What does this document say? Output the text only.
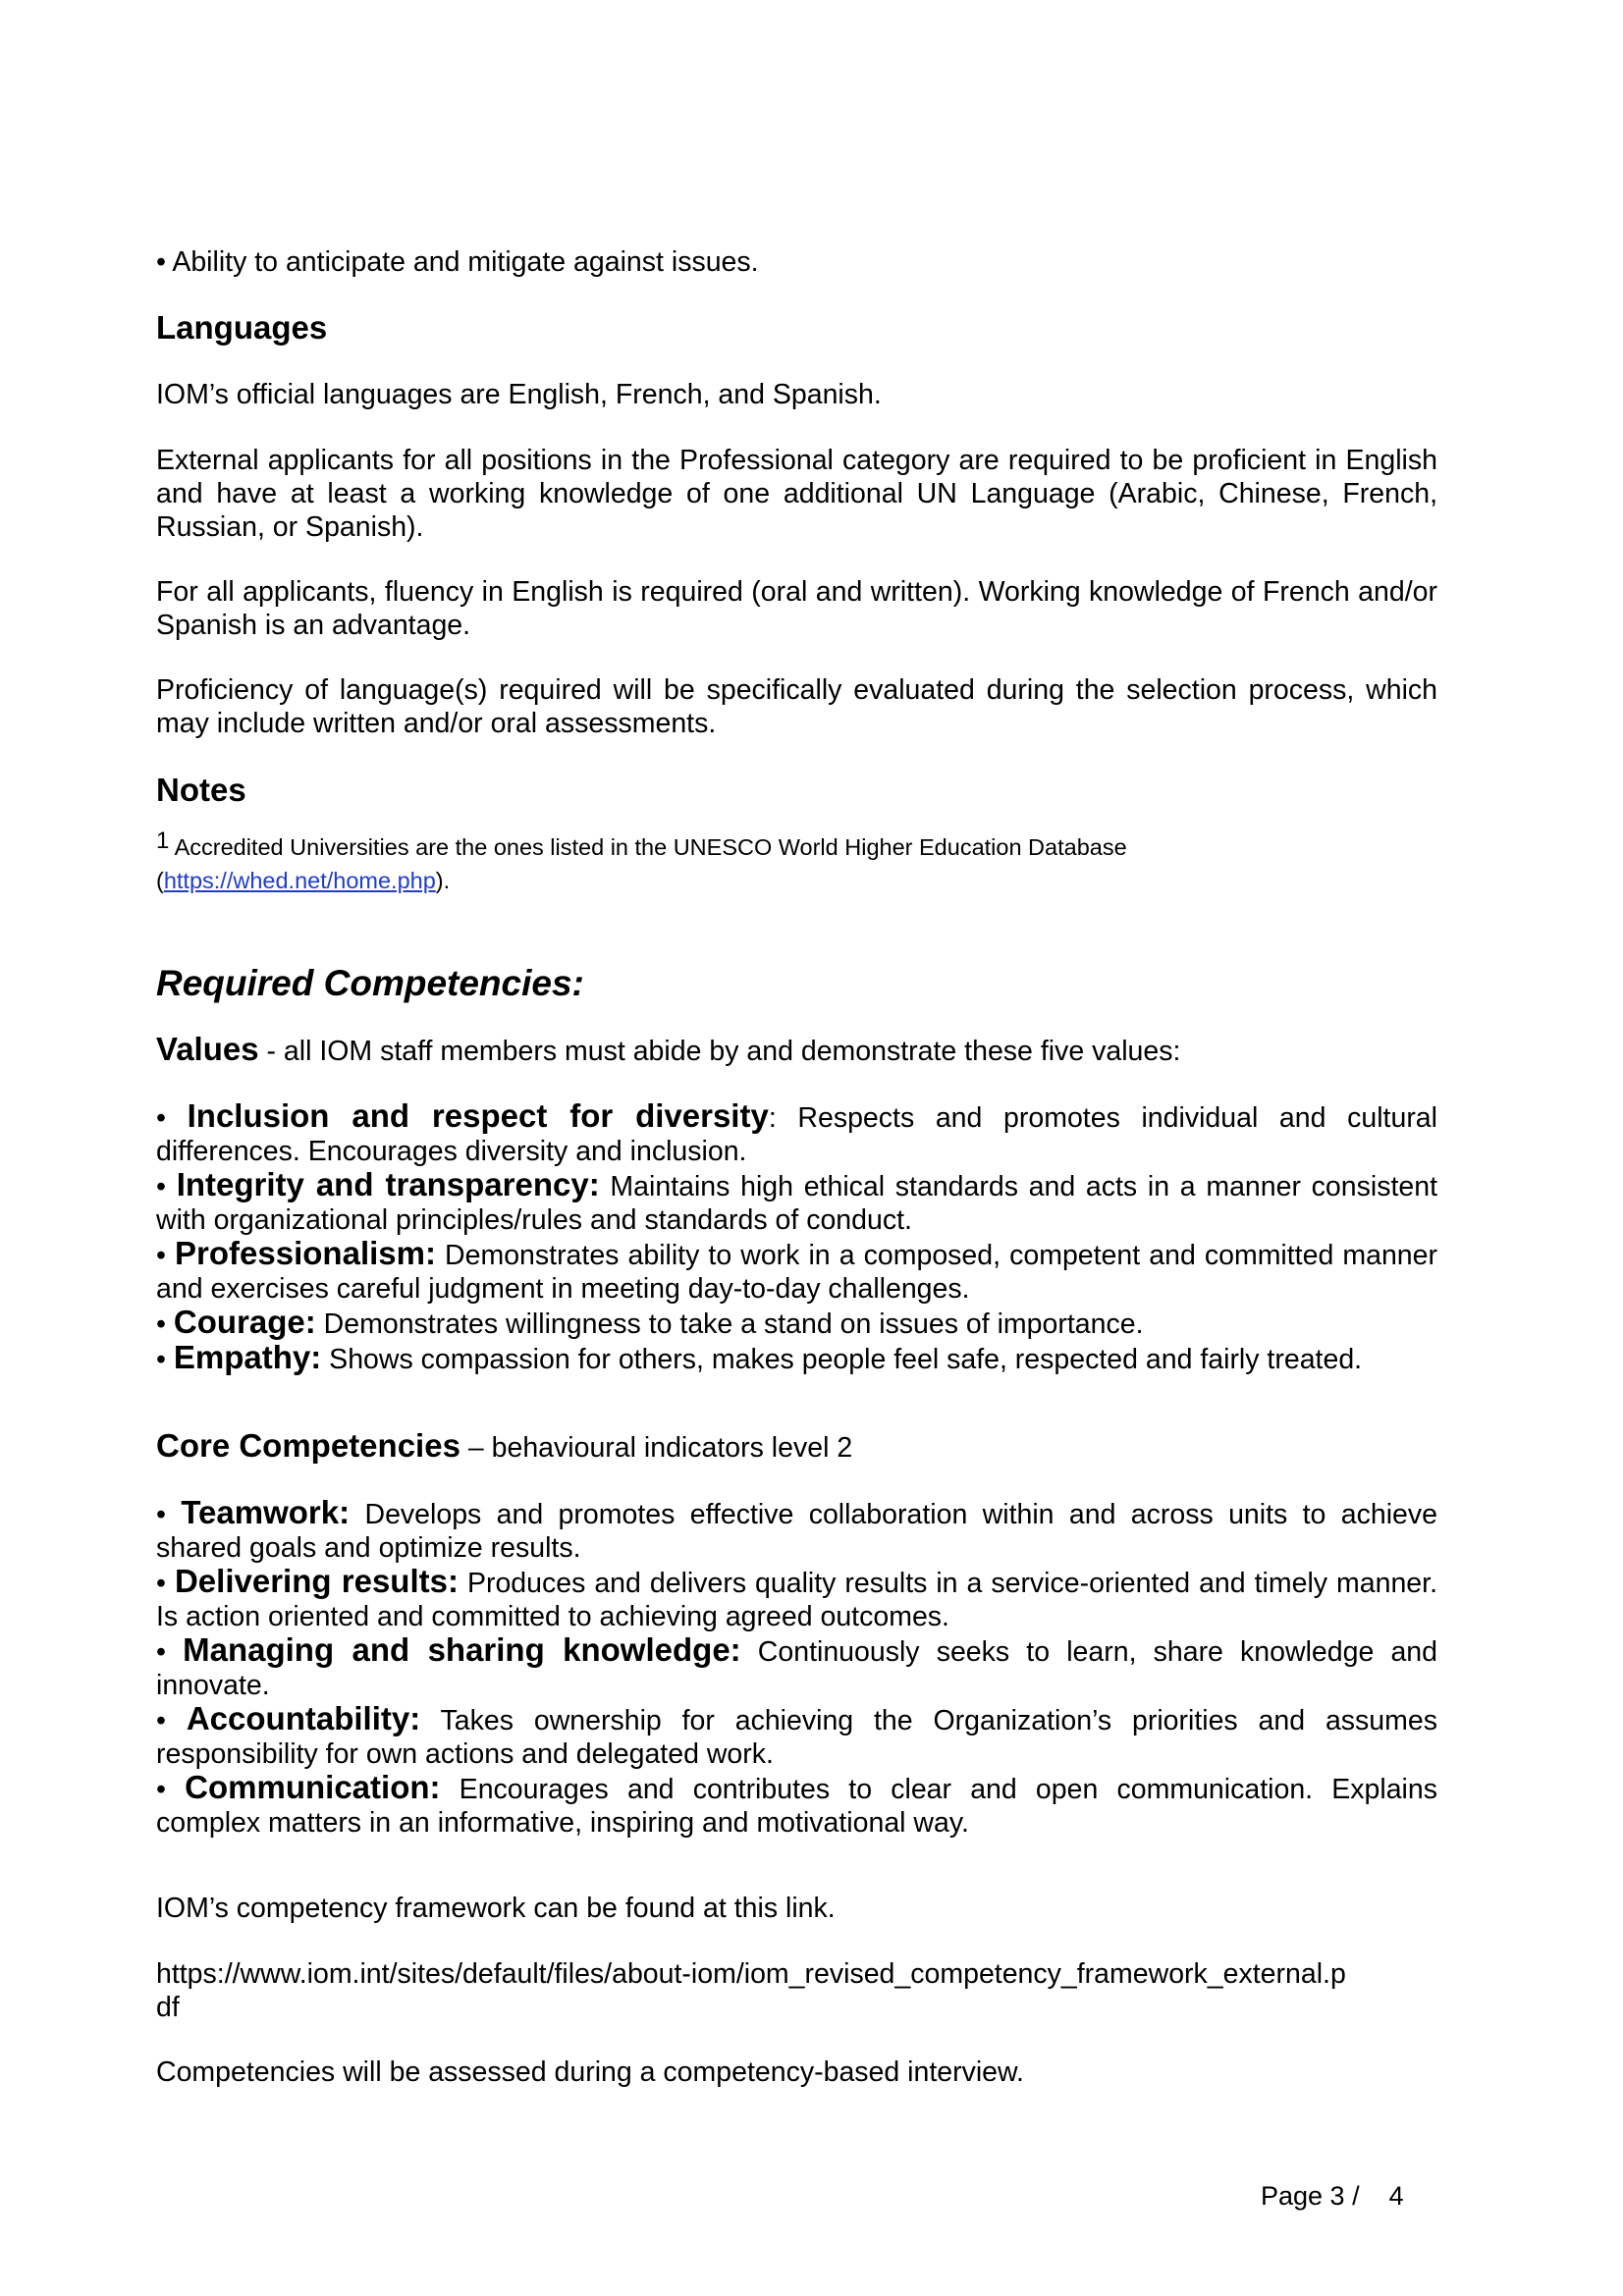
• Ability to anticipate and mitigate against issues.

Languages

IOM’s official languages are English, French, and Spanish.

External applicants for all positions in the Professional category are required to be proficient in English and have at least a working knowledge of one additional UN Language (Arabic, Chinese, French, Russian, or Spanish).

For all applicants, fluency in English is required (oral and written). Working knowledge of French and/or Spanish is an advantage.

Proficiency of language(s) required will be specifically evaluated during the selection process, which may include written and/or oral assessments.

Notes

1 Accredited Universities are the ones listed in the UNESCO World Higher Education Database

(https://whed.net/home.php).

Required Competencies:

Values - all IOM staff members must abide by and demonstrate these five values:

• Inclusion and respect for diversity: Respects and promotes individual and cultural differences. Encourages diversity and inclusion.

• Integrity and transparency: Maintains high ethical standards and acts in a manner consistent with organizational principles/rules and standards of conduct.

• Professionalism: Demonstrates ability to work in a composed, competent and committed manner and exercises careful judgment in meeting day-to-day challenges.

• Courage: Demonstrates willingness to take a stand on issues of importance.

• Empathy: Shows compassion for others, makes people feel safe, respected and fairly treated.

Core Competencies – behavioural indicators level 2

• Teamwork: Develops and promotes effective collaboration within and across units to achieve shared goals and optimize results.

• Delivering results: Produces and delivers quality results in a service-oriented and timely manner. Is action oriented and committed to achieving agreed outcomes.

• Managing and sharing knowledge: Continuously seeks to learn, share knowledge and innovate.

• Accountability: Takes ownership for achieving the Organization’s priorities and assumes responsibility for own actions and delegated work.

• Communication: Encourages and contributes to clear and open communication. Explains complex matters in an informative, inspiring and motivational way.

IOM’s competency framework can be found at this link.

https://www.iom.int/sites/default/files/about-iom/iom_revised_competency_framework_external.p

df

Competencies will be assessed during a competency-based interview.

Page 3 / 4
